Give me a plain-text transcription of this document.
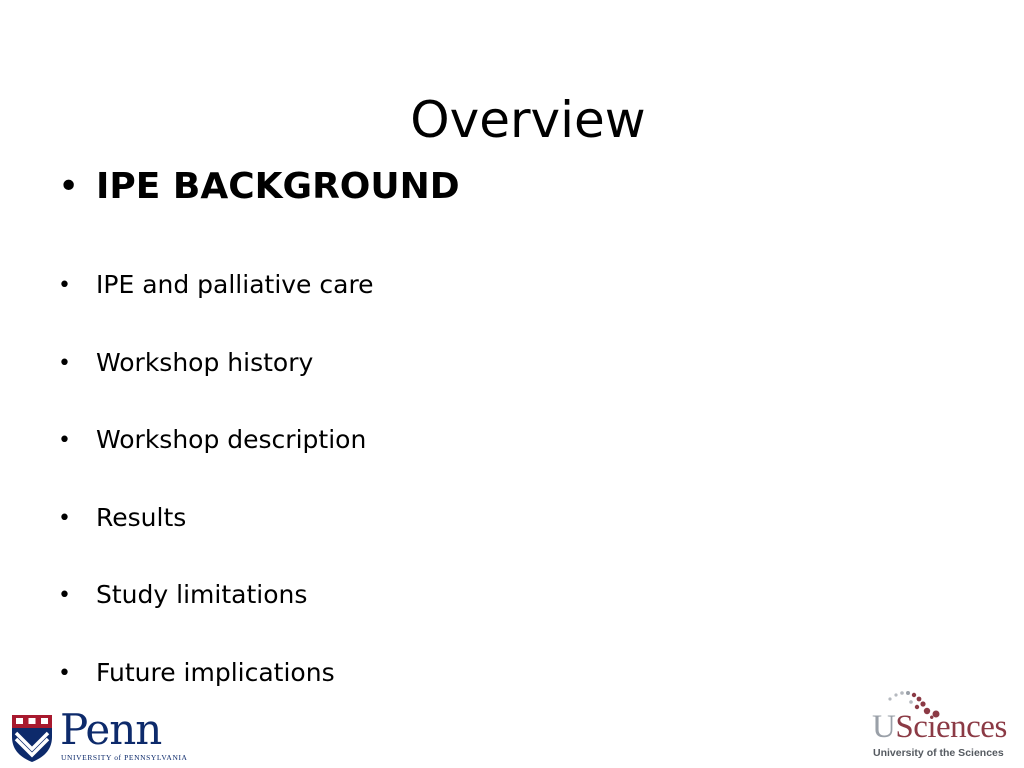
Overview
• IPE BACKGROUND
• IPE and palliative care
• Workshop history
• Workshop description
• Results
• Study limitations
• Future implications
Penn
UNIVERSITY of PENNSYLVANIA
USciences
University of the Sciences
